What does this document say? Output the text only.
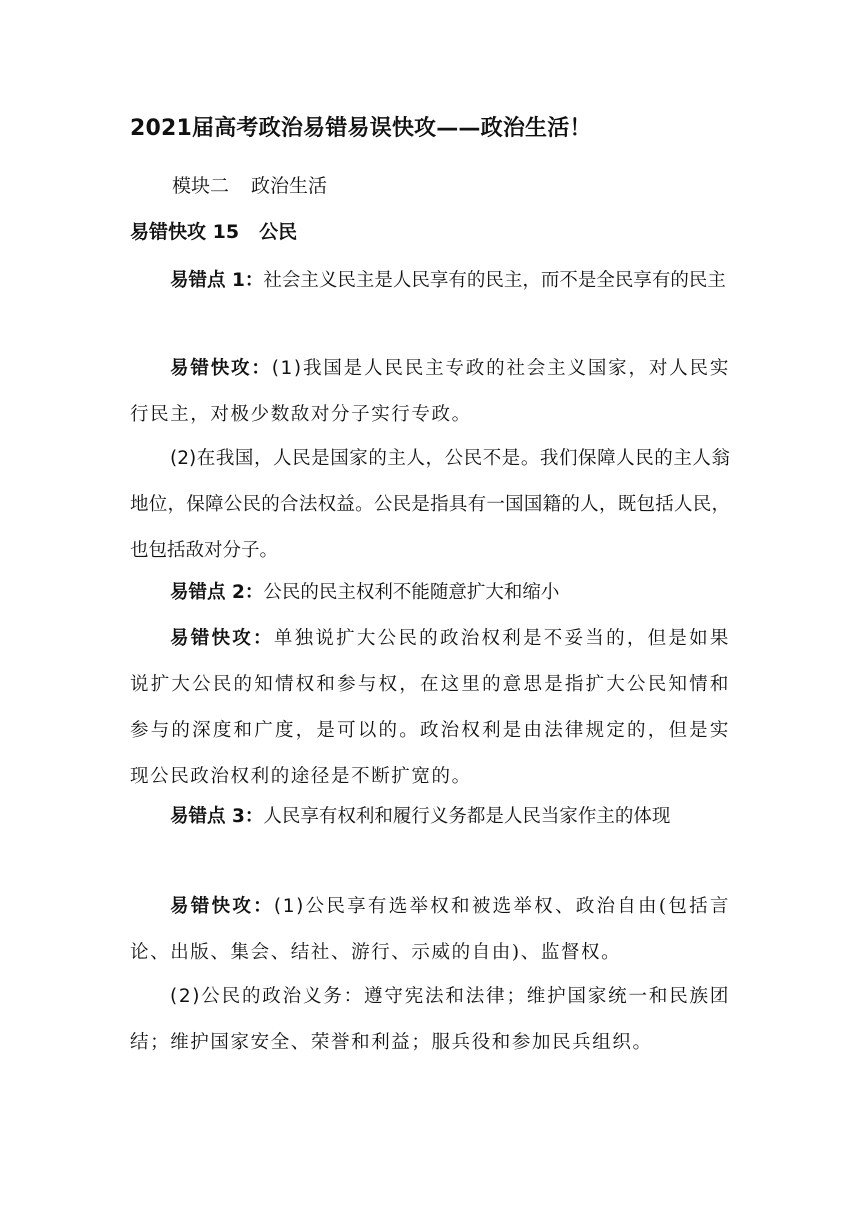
2021届高考政治易错易误快攻——政治生活！
模块二 政治生活
易错快攻 15 公民
易错点 1：社会主义民主是人民享有的民主，而不是全民享有的民主
易错快攻：(1)我国是人民民主专政的社会主义国家，对人民实行民主，对极少数敌对分子实行专政。
(2)在我国，人民是国家的主人，公民不是。我们保障人民的主人翁地位，保障公民的合法权益。公民是指具有一国国籍的人，既包括人民，也包括敌对分子。
易错点 2：公民的民主权利不能随意扩大和缩小
易错快攻：单独说扩大公民的政治权利是不妥当的，但是如果说扩大公民的知情权和参与权，在这里的意思是指扩大公民知情和参与的深度和广度，是可以的。政治权利是由法律规定的，但是实现公民政治权利的途径是不断扩宽的。
易错点 3：人民享有权利和履行义务都是人民当家作主的体现
易错快攻：(1)公民享有选举权和被选举权、政治自由(包括言论、出版、集会、结社、游行、示威的自由)、监督权。
(2)公民的政治义务：遵守宪法和法律；维护国家统一和民族团结；维护国家安全、荣誉和利益；服兵役和参加民兵组织。
